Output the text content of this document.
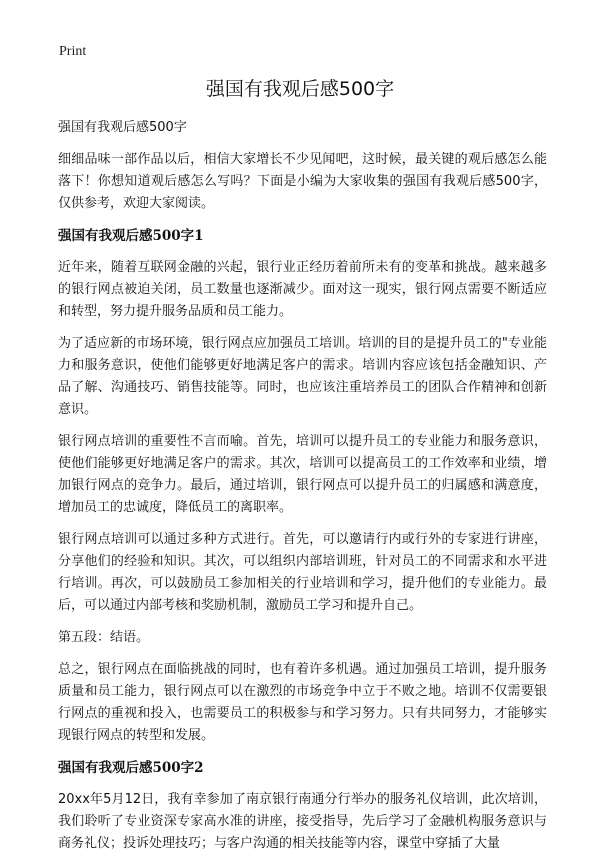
Print
强国有我观后感500字

强国有我观后感500字

细细品味一部作品以后，相信大家增长不少见闻吧，这时候，最关键的观后感怎么能落下！你想知道观后感怎么写吗？下面是小编为大家收集的强国有我观后感500字，仅供参考，欢迎大家阅读。

强国有我观后感500字1

近年来，随着互联网金融的兴起，银行业正经历着前所未有的变革和挑战。越来越多的银行网点被迫关闭，员工数量也逐渐减少。面对这一现实，银行网点需要不断适应和转型，努力提升服务品质和员工能力。

为了适应新的市场环境，银行网点应加强员工培训。培训的目的是提升员工的"专业能力和服务意识，使他们能够更好地满足客户的需求。培训内容应该包括金融知识、产品了解、沟通技巧、销售技能等。同时，也应该注重培养员工的团队合作精神和创新意识。

银行网点培训的重要性不言而喻。首先，培训可以提升员工的专业能力和服务意识，使他们能够更好地满足客户的需求。其次，培训可以提高员工的工作效率和业绩，增加银行网点的竞争力。最后，通过培训，银行网点可以提升员工的归属感和满意度，增加员工的忠诚度，降低员工的离职率。

银行网点培训可以通过多种方式进行。首先，可以邀请行内或行外的专家进行讲座，分享他们的经验和知识。其次，可以组织内部培训班，针对员工的不同需求和水平进行培训。再次，可以鼓励员工参加相关的行业培训和学习，提升他们的专业能力。最后，可以通过内部考核和奖励机制，激励员工学习和提升自己。

第五段：结语。

总之，银行网点在面临挑战的同时，也有着许多机遇。通过加强员工培训，提升服务质量和员工能力，银行网点可以在激烈的市场竞争中立于不败之地。培训不仅需要银行网点的重视和投入，也需要员工的积极参与和学习努力。只有共同努力，才能够实现银行网点的转型和发展。

强国有我观后感500字2

20xx年5月12日，我有幸参加了南京银行南通分行举办的服务礼仪培训，此次培训，我们聆听了专业资深专家高水准的讲座，接受指导，先后学习了金融机构服务意识与商务礼仪；投诉处理技巧；与客户沟通的相关技能等内容，课堂中穿插了大量
